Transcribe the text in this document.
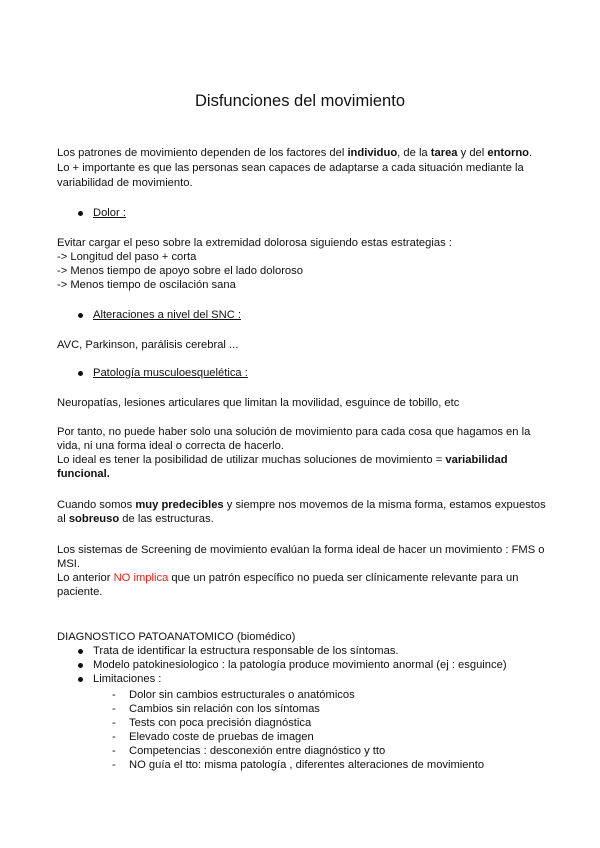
Disfunciones del movimiento
Los patrones de movimiento dependen de los factores del individuo, de la tarea y del entorno.
Lo + importante es que las personas sean capaces de adaptarse a cada situación mediante la
variabilidad de movimiento.
Dolor :
Evitar cargar el peso sobre la extremidad dolorosa siguiendo estas estrategias :
-> Longitud del paso + corta
-> Menos tiempo de apoyo sobre el lado doloroso
-> Menos tiempo de oscilación sana
Alteraciones a nivel del SNC :
AVC, Parkinson, parálisis cerebral ...
Patología musculoesquelética :
Neuropatías, lesiones articulares que limitan la movilidad, esguince de tobillo, etc
Por tanto, no puede haber solo una solución de movimiento para cada cosa que hagamos en la
vida, ni una forma ideal o correcta de hacerlo.
Lo ideal es tener la posibilidad de utilizar muchas soluciones de movimiento = variabilidad
funcional.
Cuando somos muy predecibles y siempre nos movemos de la misma forma, estamos expuestos
al sobreuso de las estructuras.
Los sistemas de Screening de movimiento evalúan la forma ideal de hacer un movimiento : FMS o
MSI.
Lo anterior NO implica que un patrón específico no pueda ser clínicamente relevante para un
paciente.
DIAGNOSTICO PATOANATOMICO (biomédico)
Trata de identificar la estructura responsable de los síntomas.
Modelo patokinesiologico : la patología produce movimiento anormal (ej : esguince)
Limitaciones :
- Dolor sin cambios estructurales o anatómicos
- Cambios sin relación con los síntomas
- Tests con poca precisión diagnóstica
- Elevado coste de pruebas de imagen
- Competencias : desconexión entre diagnóstico y tto
- NO guía el tto: misma patología , diferentes alteraciones de movimiento
